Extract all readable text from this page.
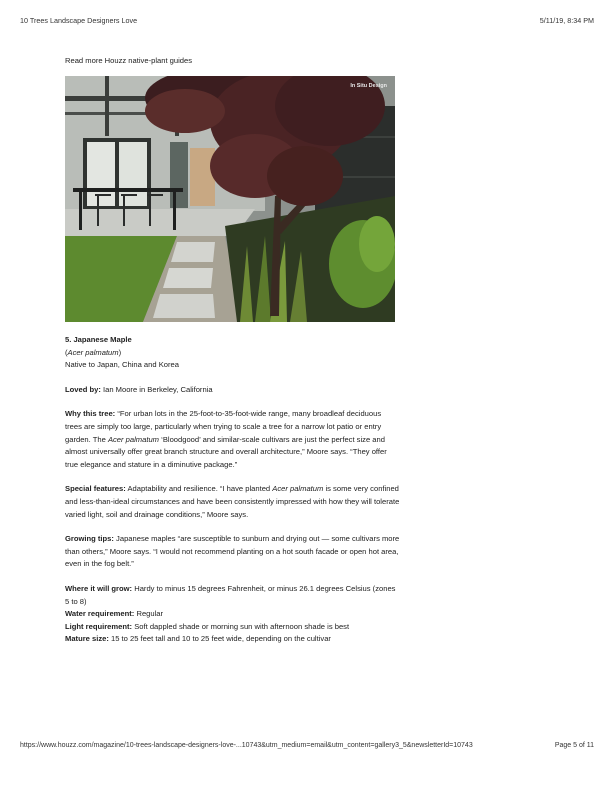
10 Trees Landscape Designers Love	5/11/19, 8:34 PM
Read more Houzz native-plant guides
In Situ Design

5. Japanese Maple

(Acer palmatum)

Native to Japan, China and Korea

Loved by: Ian Moore in Berkeley, California

Why this tree: “For urban lots in the 25-foot-to-35-foot-wide range, many broadleaf deciduous trees are simply too large, particularly when trying to scale a tree for a narrow lot patio or entry garden. The Acer palmatum ‘Bloodgood’ and similar-scale cultivars are just the perfect size and almost universally offer great branch structure and overall architecture,” Moore says. “They offer true elegance and stature in a diminutive package.”

Special features: Adaptability and resilience. “I have planted Acer palmatum is some very confined and less-than-ideal circumstances and have been consistently impressed with how they will tolerate varied light, soil and drainage conditions,” Moore says.

Growing tips: Japanese maples “are susceptible to sunburn and drying out — some cultivars more than others,” Moore says. “I would not recommend planting on a hot south facade or open hot area, even in the fog belt.”

Where it will grow: Hardy to minus 15 degrees Fahrenheit, or minus 26.1 degrees Celsius (zones 5 to 8)

Water requirement: Regular

Light requirement: Soft dappled shade or morning sun with afternoon shade is best

Mature size: 15 to 25 feet tall and 10 to 25 feet wide, depending on the cultivar

https://www.houzz.com/magazine/10-trees-landscape-designers-love-...10743&utm_medium=email&utm_content=gallery3_5&newsletterId=10743	Page 5 of 11
